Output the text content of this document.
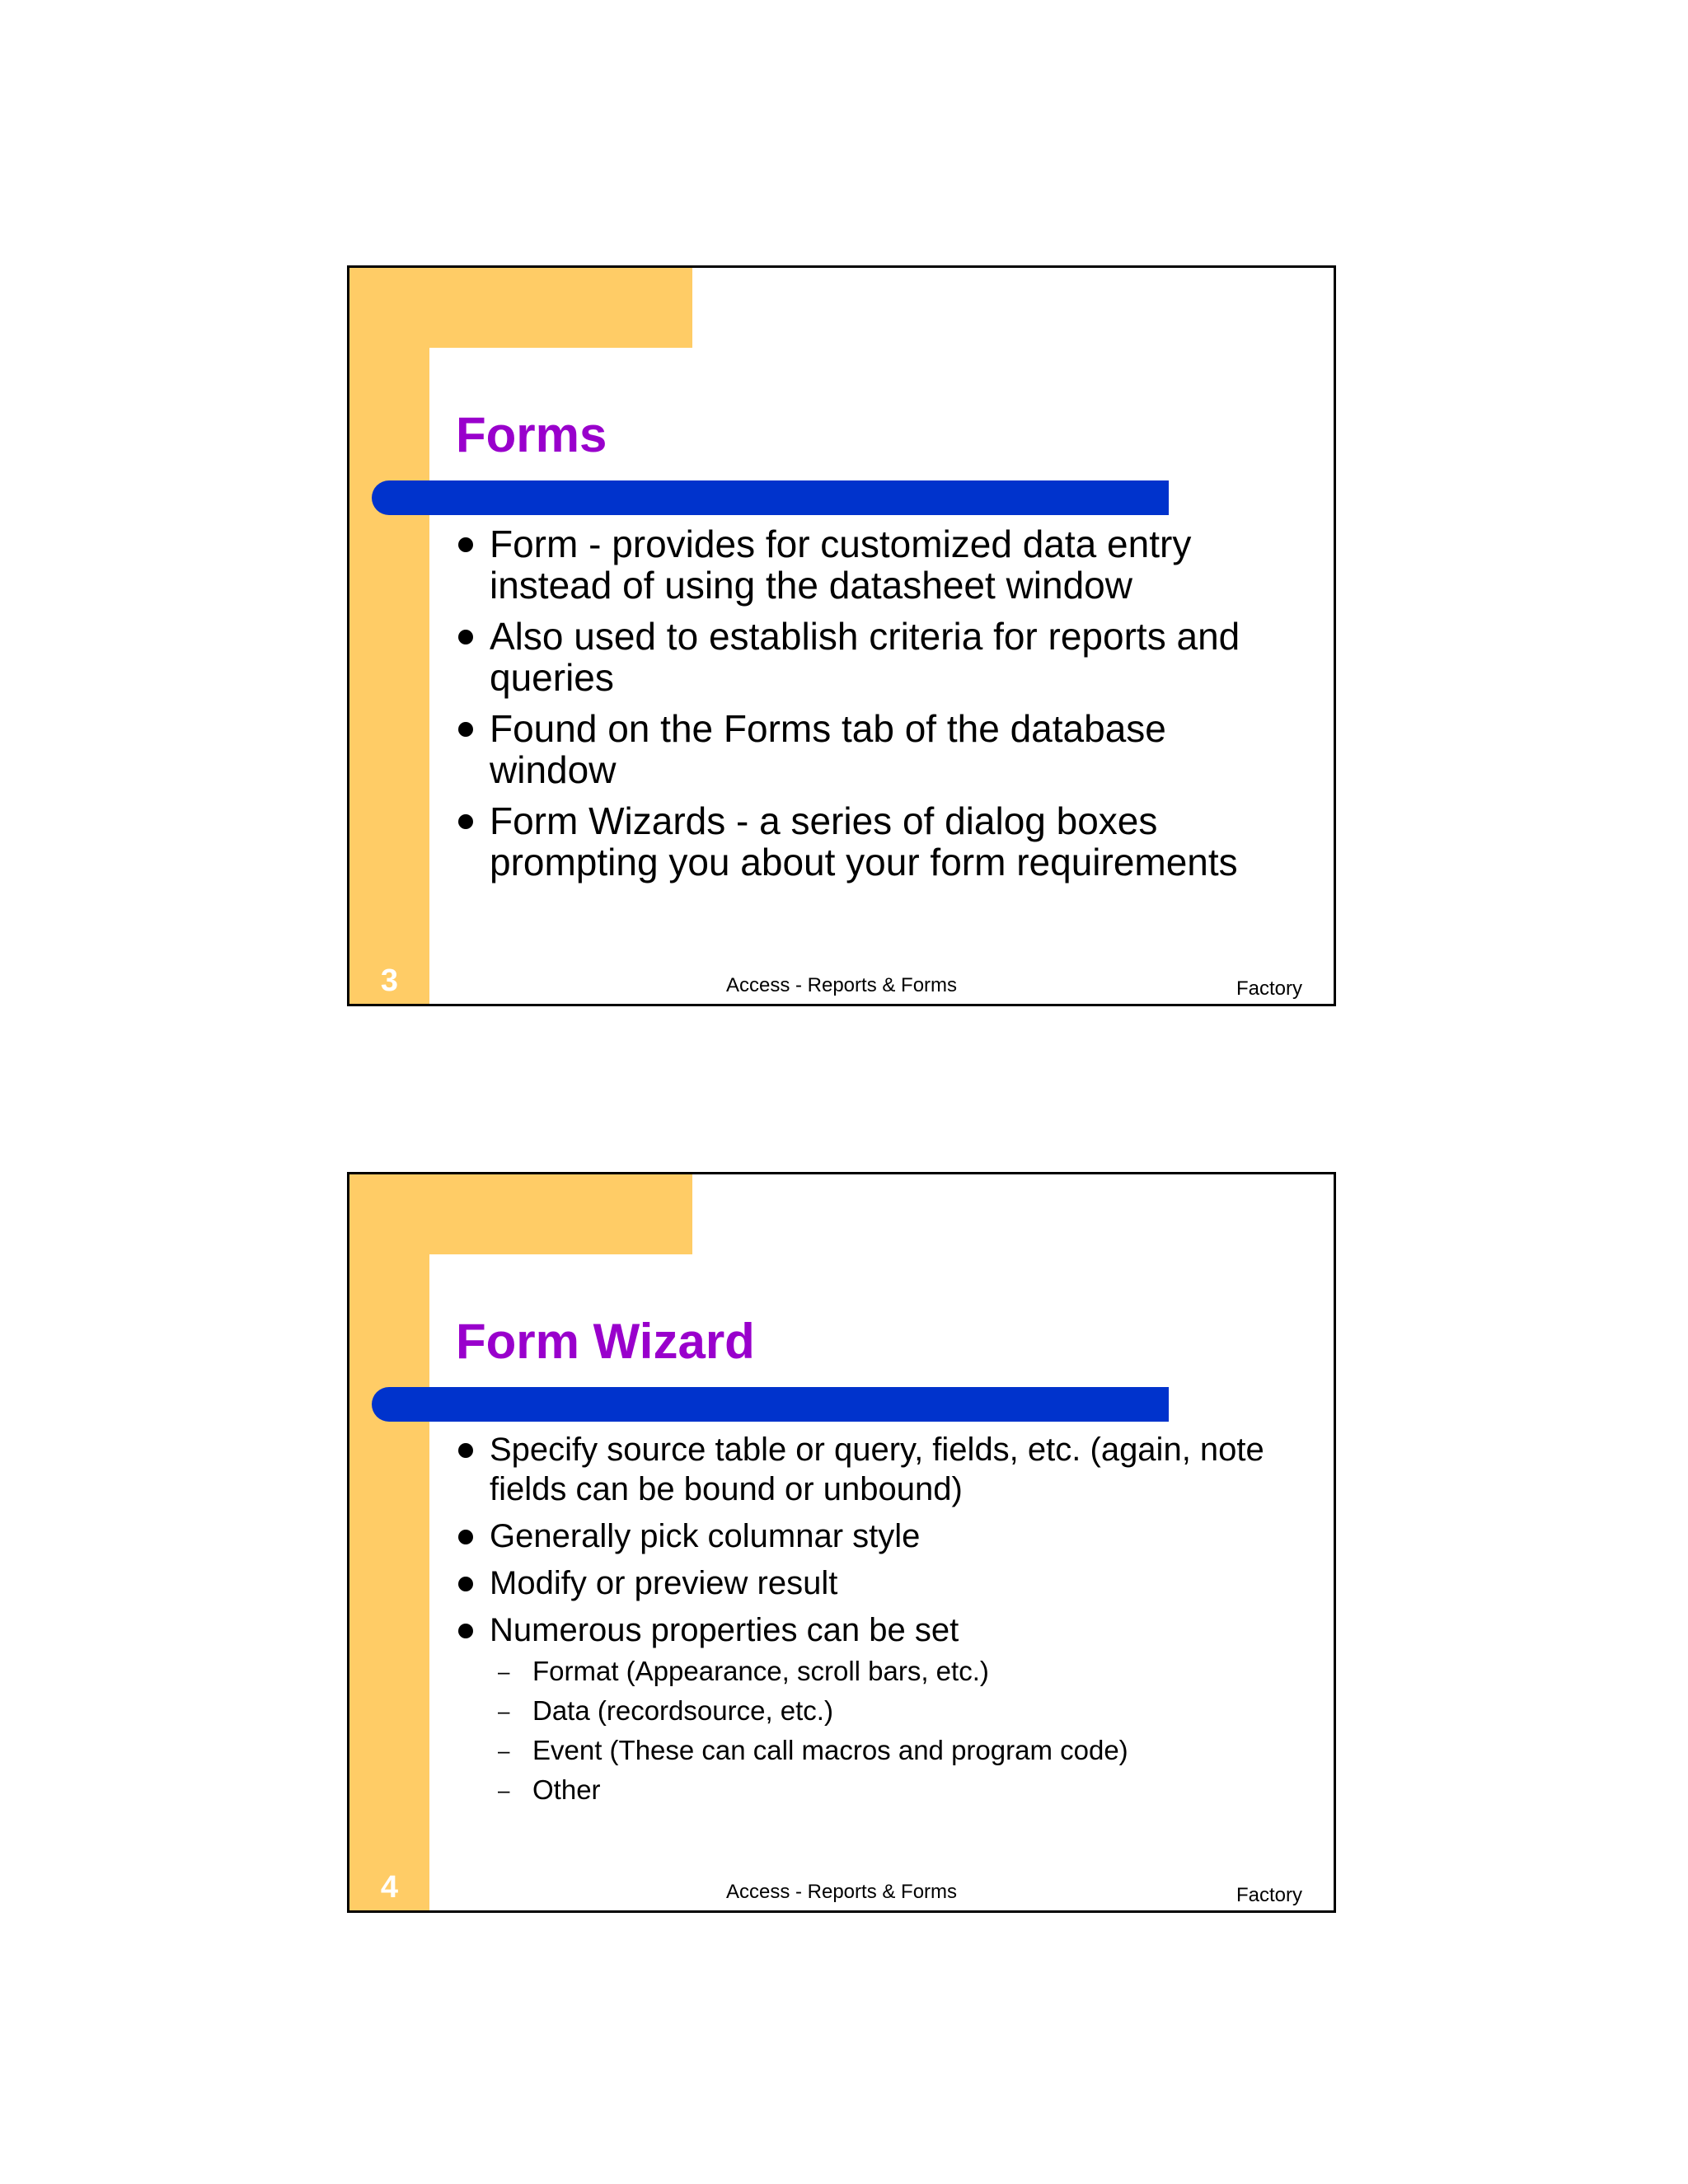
Forms
Form - provides for customized data entry instead of using the datasheet window
Also used to establish criteria for reports and queries
Found on the Forms tab of the database window
Form Wizards - a series of dialog boxes prompting you about your form requirements
3	Access - Reports & Forms	Factory
Form Wizard
Specify source table or query, fields, etc. (again, note fields can be bound or unbound)
Generally pick columnar style
Modify or preview result
Numerous properties can be set
– Format (Appearance, scroll bars, etc.)
– Data (recordsource, etc.)
– Event (These can call macros and program code)
– Other
4	Access - Reports & Forms	Factory
